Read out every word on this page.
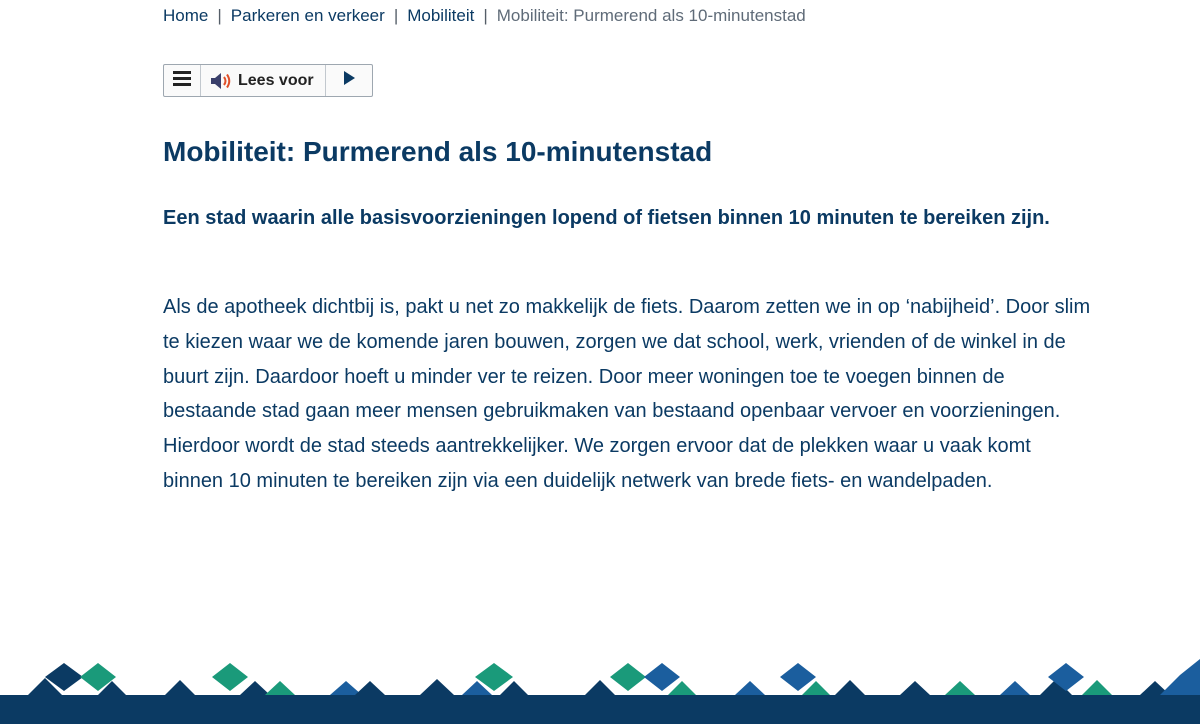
Home | Parkeren en verkeer | Mobiliteit | Mobiliteit: Purmerend als 10-minutenstad
Lees voor
Mobiliteit: Purmerend als 10-minutenstad

Een stad waarin alle basisvoorzieningen lopend of fietsen binnen 10 minuten te bereiken zijn.

Als de apotheek dichtbij is, pakt u net zo makkelijk de fiets. Daarom zetten we in op ‘nabijheid’. Door slim te kiezen waar we de komende jaren bouwen, zorgen we dat school, werk, vrienden of de winkel in de buurt zijn. Daardoor hoeft u minder ver te reizen. Door meer woningen toe te voegen binnen de bestaande stad gaan meer mensen gebruikmaken van bestaand openbaar vervoer en voorzieningen. Hierdoor wordt de stad steeds aantrekkelijker. We zorgen ervoor dat de plekken waar u vaak komt binnen 10 minuten te bereiken zijn via een duidelijk netwerk van brede fiets- en wandelpaden.
